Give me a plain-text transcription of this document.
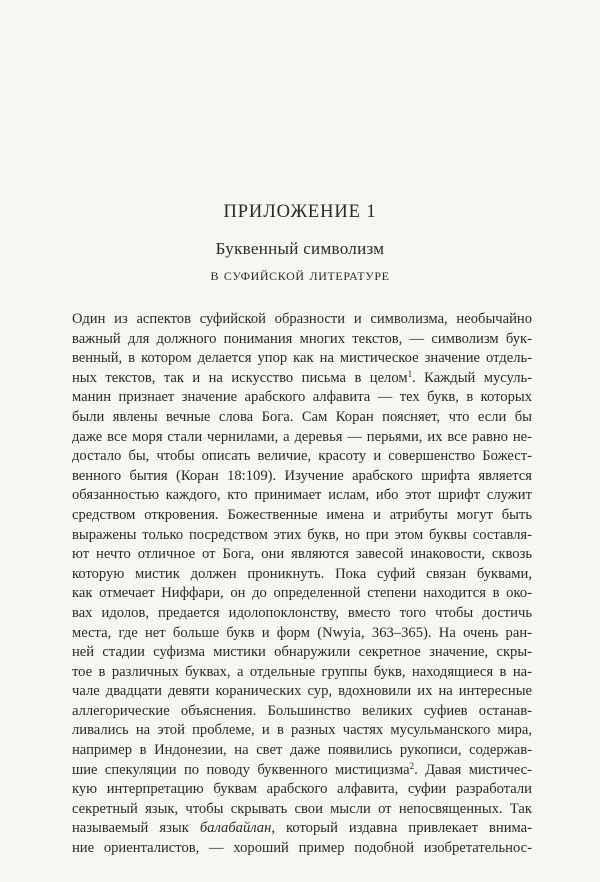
ПРИЛОЖЕНИЕ 1
Буквенный символизм
в суфийской литературе
Один из аспектов суфийской образности и символизма, необычайно
важный для должного понимания многих текстов, — символизм бук-
венный, в котором делается упор как на мистическое значение отдель-
ных текстов, так и на искусство письма в целом$^1$. Каждый мусуль-
манин признает значение арабского алфавита — тех букв, в которых
были явлены вечные слова Бога. Сам Коран поясняет, что если бы
даже все моря стали чернилами, а деревья — перьями, их все равно не-
достало бы, чтобы описать величие, красоту и совершенство Божест-
венного бытия (Коран 18:109). Изучение арабского шрифта является
обязанностью каждого, кто принимает ислам, ибо этот шрифт служит
средством откровения. Божественные имена и атрибуты могут быть
выражены только посредством этих букв, но при этом буквы составля-
ют нечто отличное от Бога, они являются завесой инаковости, сквозь
которую мистик должен проникнуть. Пока суфий связан буквами,
как отмечает Ниффари, он до определенной степени находится в око-
вах идолов, предается идолопоклонству, вместо того чтобы достичь
места, где нет больше букв и форм (Nwyia, 363–365). На очень ран-
ней стадии суфизма мистики обнаружили секретное значение, скры-
тое в различных буквах, а отдельные группы букв, находящиеся в на-
чале двадцати девяти коранических сур, вдохновили их на интересные
аллегорические объяснения. Большинство великих суфиев останав-
ливались на этой проблеме, и в разных частях мусульманского мира,
например в Индонезии, на свет даже появились рукописи, содержав-
шие спекуляции по поводу буквенного мистицизма$^2$. Давая мистичес-
кую интерпретацию буквам арабского алфавита, суфии разработали
секретный язык, чтобы скрывать свои мысли от непосвященных. Так
называемый язык балабайлан, который издавна привлекает внима-
ние ориенталистов, — хороший пример подобной изобретательнос-
